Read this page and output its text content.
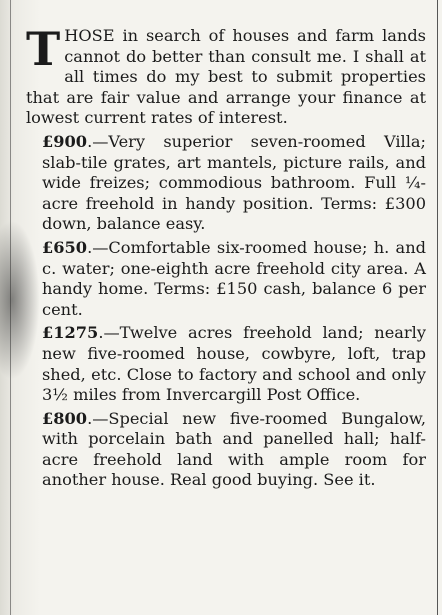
THOSE in search of houses and farm lands cannot do better than consult me. I shall at all times do my best to submit properties that are fair value and arrange your finance at lowest current rates of interest.

£900.—Very superior seven-roomed Villa; slab-tile grates, art mantels, picture rails, and wide freizes; commodious bathroom. Full ¼-acre freehold in handy position. Terms: £300 down, balance easy.

£650.—Comfortable six-roomed house; h. and c. water; one-eighth acre freehold city area. A handy home. Terms: £150 cash, balance 6 per cent.

£1275.—Twelve acres freehold land; nearly new five-roomed house, cowbyre, loft, trap shed, etc. Close to factory and school and only 3½ miles from Invercargill Post Office.

£800.—Special new five-roomed Bungalow, with porcelain bath and panelled hall; half-acre freehold land with ample room for another house. Real good buying. See it.
